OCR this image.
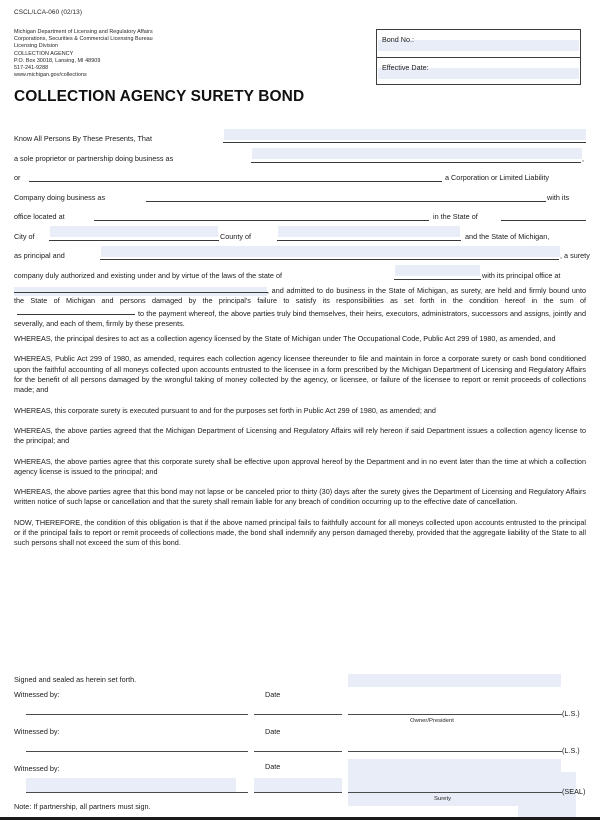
CSCL/LCA-060 (02/13)
Michigan Department of Licensing and Regulatory Affairs
Corporations, Securities & Commercial Licensing Bureau
Licensing Division
COLLECTION AGENCY
P.O. Box 30018, Lansing, MI 48909
517-241-9288
www.michigan.gov/collections
COLLECTION AGENCY SURETY BOND
Bond No.:
Effective Date:
Know All Persons By These Presents, That
a sole proprietor or partnership doing business as	,
or	a Corporation or Limited Liability
Company doing business as	with its
office located at	in the State of
City of	County of	and the State of Michigan,
as principal and	, a surety
company duly authorized and existing under and by virtue of the laws of the state of	with its principal office at

, and admitted to do business in the State of Michigan, as surety, are held and firmly bound unto the State of Michigan and persons damaged by the principal's failure to satisfy its responsibilities as set forth in the condition hereof in the sum ofto the payment whereof, the above parties truly bind themselves, their heirs, executors, administrators, successors and assigns, jointly and severally, and each of them, firmly by these presents.

WHEREAS, the principal desires to act as a collection agency licensed by the State of Michigan under The Occupational Code, Public Act 299 of 1980, as amended, and

WHEREAS, Public Act 299 of 1980, as amended, requires each collection agency licensee thereunder to file and maintain in force a corporate surety or cash bond conditioned upon the faithful accounting of all moneys collected upon accounts entrusted to the licensee in a form prescribed by the Michigan Department of Licensing and Regulatory Affairs for the benefit of all persons damaged by the wrongful taking of money collected by the agency, or licensee, or failure of the licensee to report or remit proceeds of collections made; and

WHEREAS, this corporate surety is executed pursuant to and for the purposes set forth in Public Act 299 of 1980, as amended; and

WHEREAS, the above parties agreed that the Michigan Department of Licensing and Regulatory Affairs will rely hereon if said Department issues a collection agency license to the principal; and

WHEREAS, the above parties agree that this corporate surety shall be effective upon approval hereof by the Department and in no event later than the time at which a collection agency license is issued to the principal; and

WHEREAS, the above parties agree that this bond may not lapse or be canceled prior to thirty (30) days after the surety gives the Department of Licensing and Regulatory Affairs written notice of such lapse or cancellation and that the surety shall remain liable for any breach of condition occurring up to the effective date of cancellation.

NOW, THEREFORE, the condition of this obligation is that if the above named principal fails to faithfully account for all moneys collected upon accounts entrusted to the principal or if the principal fails to report or remit proceeds of collections made, the bond shall indemnify any person damaged thereby, provided that the aggregate liability of the State to all such persons shall not exceed the sum of this bond.

Signed and sealed as herein set forth.
Witnessed by:	Date
(L.S.)
Owner/President
Witnessed by:	Date
(L.S.)
Witnessed by:	Date
(SEAL)
Surety
Note: If partnership, all partners must sign.
